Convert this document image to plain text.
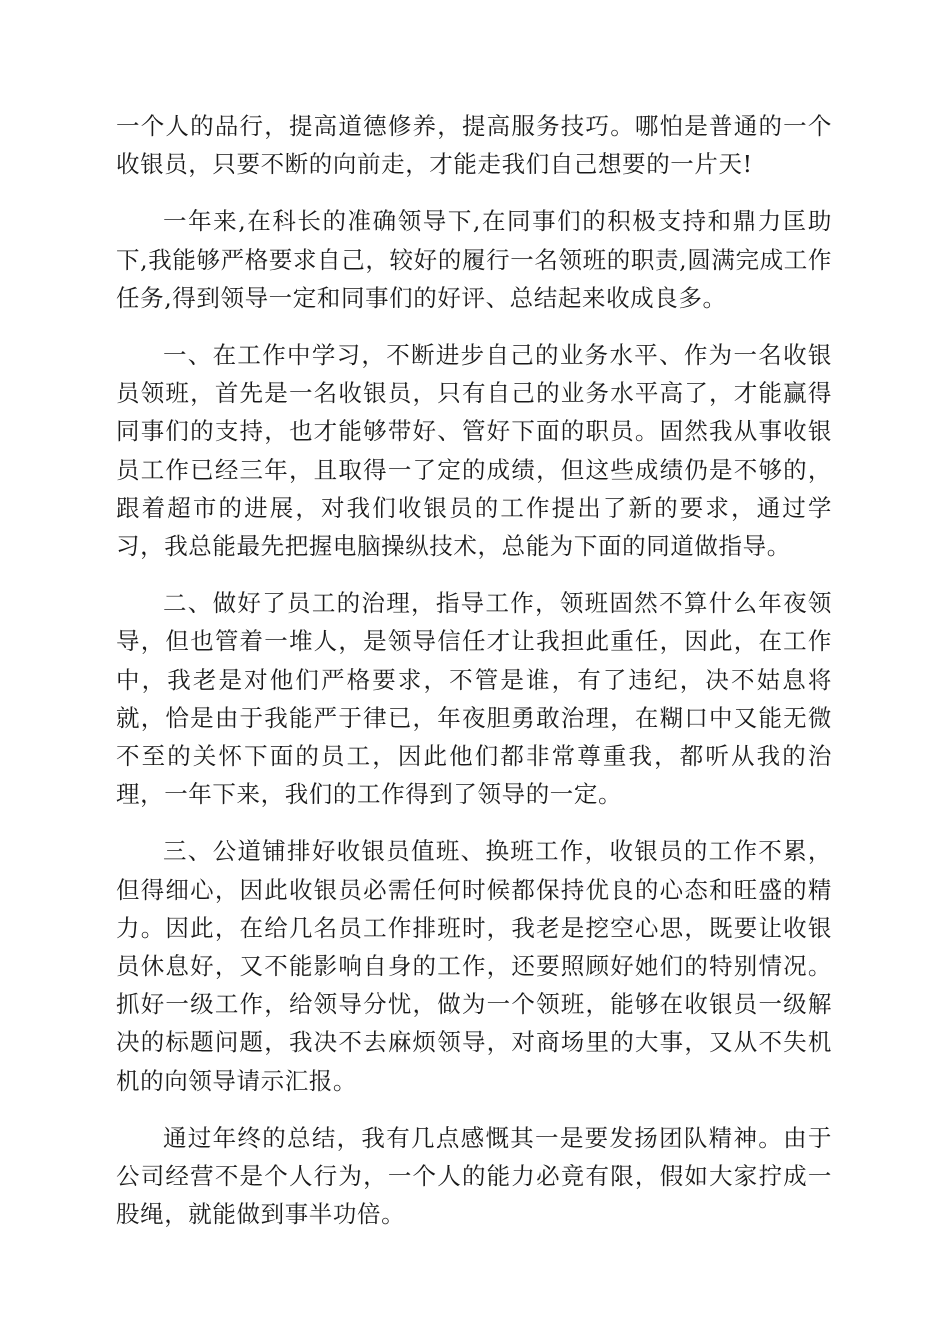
一个人的品行，提高道德修养，提高服务技巧。哪怕是普通的一个收银员，只要不断的向前走，才能走我们自己想要的一片天!

一年来,在科长的准确领导下,在同事们的积极支持和鼎力匡助下,我能够严格要求自己，较好的履行一名领班的职责,圆满完成工作任务,得到领导一定和同事们的好评、总结起来收成良多。

一、在工作中学习，不断进步自己的业务水平、作为一名收银员领班，首先是一名收银员，只有自己的业务水平高了，才能赢得同事们的支持，也才能够带好、管好下面的职员。固然我从事收银员工作已经三年，且取得一了定的成绩，但这些成绩仍是不够的，跟着超市的进展，对我们收银员的工作提出了新的要求，通过学习，我总能最先把握电脑操纵技术，总能为下面的同道做指导。

二、做好了员工的治理，指导工作，领班固然不算什么年夜领导，但也管着一堆人，是领导信任才让我担此重任，因此，在工作中，我老是对他们严格要求，不管是谁，有了违纪，决不姑息将就，恰是由于我能严于律已，年夜胆勇敢治理，在糊口中又能无微不至的关怀下面的员工，因此他们都非常尊重我，都听从我的治理，一年下来，我们的工作得到了领导的一定。

三、公道铺排好收银员值班、换班工作，收银员的工作不累，但得细心，因此收银员必需任何时候都保持优良的心态和旺盛的精力。因此，在给几名员工作排班时，我老是挖空心思，既要让收银员休息好，又不能影响自身的工作，还要照顾好她们的特别情况。抓好一级工作，给领导分忧，做为一个领班，能够在收银员一级解决的标题问题，我决不去麻烦领导，对商场里的大事，又从不失机机的向领导请示汇报。

通过年终的总结，我有几点感慨其一是要发扬团队精神。由于公司经营不是个人行为，一个人的能力必竟有限，假如大家拧成一股绳，就能做到事半功倍。
